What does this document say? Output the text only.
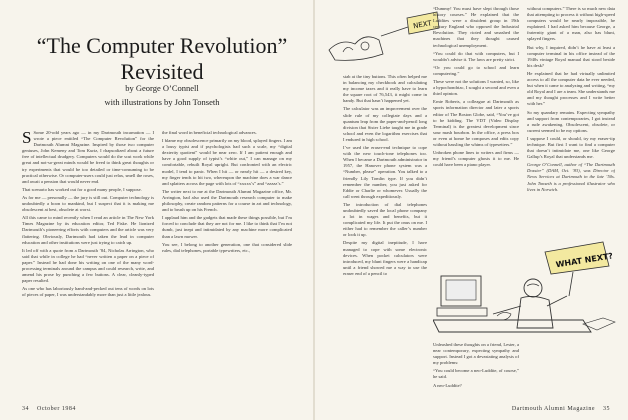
“The Computer Revolution” Revisited
by George O’Connell
with illustrations by John Tonseth

S Some 20-odd years ago — in my Dartmouth incarnation — I wrote a piece entitled “The Computer Revolution” for the Dartmouth Alumni Magazine. Inspired by those two computer geniuses, John Kemeny and Tom Kurtz, I rhapsodized about a future free of intellectual drudgery. Computers would do the scut work while great and not-so-great minds would be freed to think great thoughts or try experiments that would be too detailed or time-consuming to be practical otherwise. Or computer-users could just relax, smell the roses, and await a pension that would never end.

That scenario has worked out for a good many people, I suppose.

As for me — personally — the jury is still out. Computer technology is undoubtedly a boon to mankind, but I suspect that it is making me obsolescent at best, obsolete at worst.

All this came to mind recently when I read an article in The New York Times Magazine by its education editor, Ted Fiske. He lionized Dartmouth’s pioneering efforts with computers and the article was very flattering. Obviously, Dartmouth had taken the lead in computer education and other institutions were just trying to catch up.

It led off with a quote from a Dartmouth ’84, Nicholas Arrington, who said that while in college he had “never written a paper on a piece of paper.” Instead he had done his writing on one of the many word-processing terminals around the campus and could research, write, and amend his prose by punching a few buttons. A clear, cleanly-typed paper resulted.

As one who has laboriously hand-and-pecked out tens of words on lots of pieces of paper, I was understandably more than just a little jealous.

the final word in beneficial technological advances.

I blame my obsolescence primarily on my blood, splayed fingers. I am a lousy typist and if psychologists had such a scale, my “digital dexterity quotient” would be near zero. If I am patient enough and have a good supply of typist’s “white out,” I can manage on my comfortable, rebuilt Royal upright. But confronted with an electric model, I tend to panic. When I hit — or nearly hit — a desired key, my finger tends to hit two, whereupon the machine does a war dance and splatters across the page with lots of “xxxxx’s” and “zzzzz’s.”

The writer next to me at the Dartmouth Alumni Magazine office, Mr. Arrington, had also used the Dartmouth research computer to make philosophy, create random patterns for a course in art and technology, and to brush up on his French.

I applaud him and the gadgets that made these things possible, but I’m forced to conclude that they are not for me. I like to think that I’m not dumb, just inept and intimidated by any machine more complicated than a lawn mower.

You see, I belong to another generation, one that considered slide rules, dial telephones, portable typewriters, etc.,

34 October 1984
NEXT

stab at the tiny buttons. This often helped me in balancing my checkbook and calculating my income taxes and it really have to learn the square root of 76,543, it might come in handy. But that hasn’t happened yet.

The calculator was an improvement over the slide rule of my collegiate days and a quantum leap from the paper-and-pencil long division that Sister Liebe taught me in grade school and even the logarithm exercises that I endured in high school.

I’ve used the eraser-end technique to cope with the new touch-tone telephones too. When I became a Dartmouth administrator in 1957, the Hanover phone system was a “Number, please” operation. You talked to a friendly Lily Tomlin type. If you didn’t remember the number, you just asked for Eddie or Charlie or whomever. Usually the call went through expeditiously.

The introduction of dial telephones undoubtedly saved the local phone company a lot in wages and benefits, but it complicated my life. It put the onus on me. I either had to remember the caller’s number or look it up.

Despite my digital ineptitude, I have managed to cope with some electronic devices. When pocket calculators were introduced, my blunt fingers were a handicap until a friend showed me a way to use the eraser end of a pencil to

“Dummy! You must have slept through those history courses.” He explained that the Luddites were a dissident group in 19th century England who opposed the Industrial Revolution. They rioted and smashed the machines that they thought caused technological unemployment.

“You could do that with computers, but I wouldn’t advise it. The laws are pretty strict.

“Or you could go to school and learn computering.”

These were not the solutions I wanted, so, like a hypochondriac, I sought a second and even a third opinion.

Ernie Roberts, a colleague at Dartmouth as sports information director and later a sports editor of The Boston Globe, said, “You’ve got to be kidding. The VDT (Video Display Terminal) is the greatest development since sour mash bourbon. In the office, a press box or even at home he composes and edits copy without hassling the whims of typesetters.”

Unbroken phone lines to writers and firms — my friend’s computer ghosts it to me. He could have been a piano player.

Unleashed these thoughts on a friend, Lester, a near contemporary, expecting sympathy and support. Instead I got a devastating analysis of my problems:

“You could become a neo-Luddite, of course,” he said.

A neo-Luddite?

without computers.” There is so much new data that attempting to process it without high-speed computers would be nearly impossible, he explained. I had asked him because George, a fraternity giant of a man, also has blunt, splayed fingers.

But why, I inquired, didn’t he have at least a computer terminal in his office instead of the 1940s vintage Royal manual that stood beside his desk?

He explained that he had virtually unlimited access to all the computer data he ever needed, but when it came to analyzing and writing, “my old Royal and I are a team. She understands me and my thought processes and I write better with her.”

So my quandary remains. Expecting sympathy and support from contemporaries, I got instead a rude awakening. Obsolescent, obsolete, or current seemed to be my options.

I suppose I could, or should, try my eraser-tip technique. But first I want to find a computer that doesn’t intimidate me, one like George Gallup’s Royal that understands me.

George O’Connell, author of “The Dartmouth Dossier” (DAM, Oct. ’83), was Director of News Services at Dartmouth in the late ’50s. John Tonseth is a professional illustrator who lives in Norwich.

WHAT NEXT?
Dartmouth Alumni Magazine 35
